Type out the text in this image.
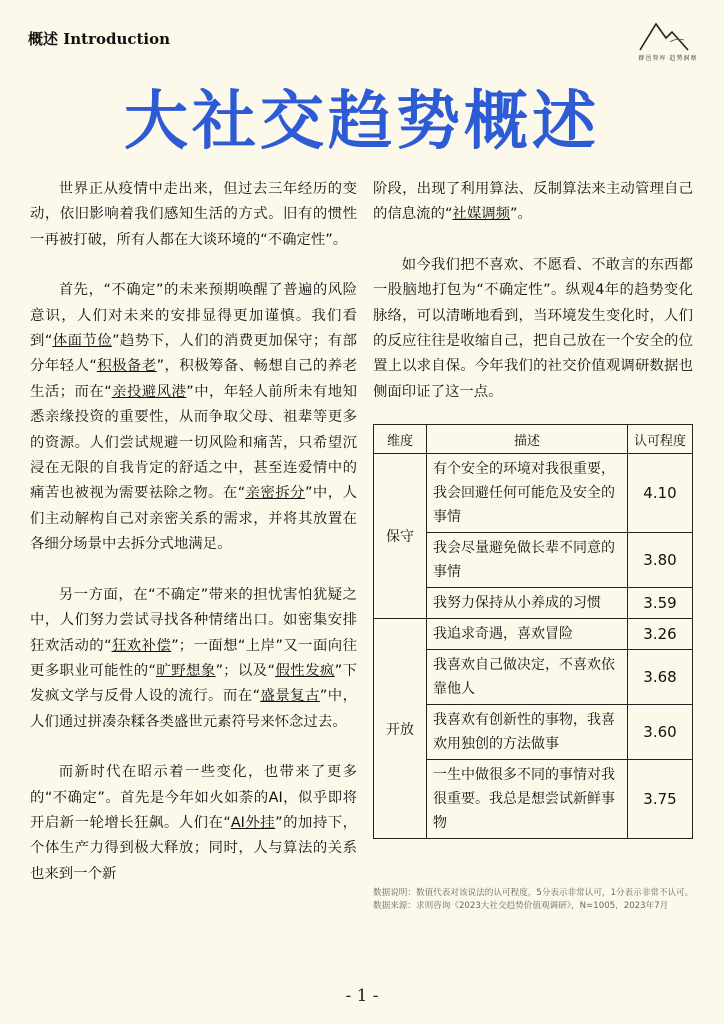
概述 Introduction
群邑智库 趋势洞察
大社交趋势概述

世界正从疫情中走出来，但过去三年经历的变动，依旧影响着我们感知生活的方式。旧有的惯性一再被打破，所有人都在大谈环境的“不确定性”。

首先，“不确定”的未来预期唤醒了普遍的风险意识，人们对未来的安排显得更加谨慎。我们看到“体面节俭”趋势下，人们的消费更加保守；有部分年轻人“积极备老”，积极筹备、畅想自己的养老生活；而在“亲投避风港”中，年轻人前所未有地知悉亲缘投资的重要性，从而争取父母、祖辈等更多的资源。人们尝试规避一切风险和痛苦，只希望沉浸在无限的自我肯定的舒适之中，甚至连爱情中的痛苦也被视为需要祛除之物。在“亲密拆分”中，人们主动解构自己对亲密关系的需求，并将其放置在各细分场景中去拆分式地满足。

另一方面，在“不确定”带来的担忧害怕犹疑之中，人们努力尝试寻找各种情绪出口。如密集安排狂欢活动的“狂欢补偿”；一面想“上岸”又一面向往更多职业可能性的“旷野想象”；以及“假性发疯”下发疯文学与反骨人设的流行。而在“盛景复古”中，人们通过拼凑杂糅各类盛世元素符号来怀念过去。

而新时代在昭示着一些变化，也带来了更多的“不确定”。首先是今年如火如荼的AI，似乎即将开启新一轮增长狂飙。人们在“AI外挂”的加持下，个体生产力得到极大释放；同时，人与算法的关系也来到一个新

阶段，出现了利用算法、反制算法来主动管理自己的信息流的“社媒调频”。

如今我们把不喜欢、不愿看、不敢言的东西都一股脑地打包为“不确定性”。纵观4年的趋势变化脉络，可以清晰地看到，当环境发生变化时，人们的反应往往是收缩自己，把自己放在一个安全的位置上以求自保。今年我们的社交价值观调研数据也侧面印证了这一点。

维度	描述	认可程度
保守	有个安全的环境对我很重要，我会回避任何可能危及安全的事情	4.10
	我会尽量避免做长辈不同意的事情	3.80
	我努力保持从小养成的习惯	3.59
开放	我追求奇遇，喜欢冒险	3.26
	我喜欢自己做决定，不喜欢依靠他人	3.68
	我喜欢有创新性的事物，我喜欢用独创的方法做事	3.60
	一生中做很多不同的事情对我很重要。我总是想尝试新鲜事物	3.75
数据说明：数值代表对该说法的认可程度，5分表示非常认可，1分表示非常不认可。
数据来源：求则咨询《2023大社交趋势价值观调研》，N=1005，2023年7月
- 1 -
